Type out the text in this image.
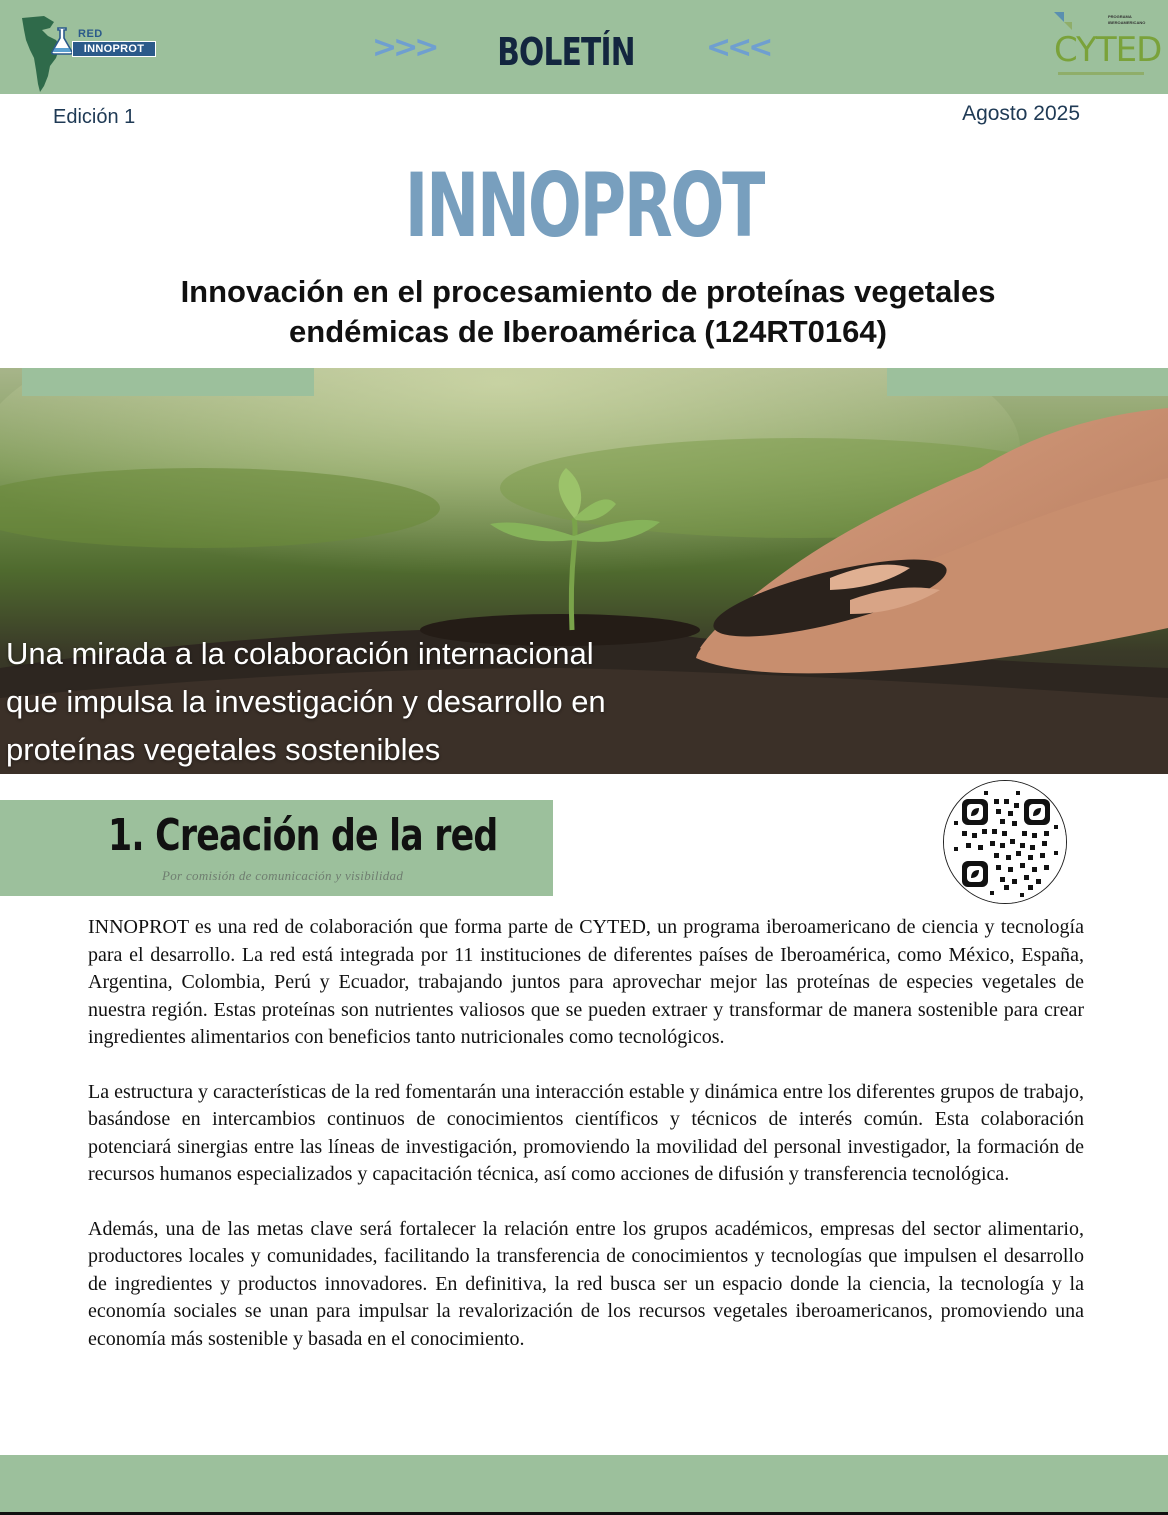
RED
INNOPROT	>>>	BOLETÍN	<<<
PROGRAMA IBEROAMERICANO
CYTED
Edición 1	Agosto 2025
INNOPROT
Innovación en el procesamiento de proteínas vegetales
endémicas de Iberoamérica (124RT0164)
Una mirada a la colaboración internacional
que impulsa la investigación y desarrollo en
proteínas vegetales sostenibles
1. Creación de la red
Por comisión de comunicación y visibilidad

INNOPROT es una red de colaboración que forma parte de CYTED, un programa iberoamericano de ciencia y tecnología para el desarrollo. La red está integrada por 11 instituciones de diferentes países de Iberoamérica, como México, España, Argentina, Colombia, Perú y Ecuador, trabajando juntos para aprovechar mejor las proteínas de especies vegetales de nuestra región. Estas proteínas son nutrientes valiosos que se pueden extraer y transformar de manera sostenible para crear ingredientes alimentarios con beneficios tanto nutricionales como tecnológicos.

La estructura y características de la red fomentarán una interacción estable y dinámica entre los diferentes grupos de trabajo, basándose en intercambios continuos de conocimientos científicos y técnicos de interés común. Esta colaboración potenciará sinergias entre las líneas de investigación, promoviendo la movilidad del personal investigador, la formación de recursos humanos especializados y capacitación técnica, así como acciones de difusión y transferencia tecnológica.

Además, una de las metas clave será fortalecer la relación entre los grupos académicos, empresas del sector alimentario, productores locales y comunidades, facilitando la transferencia de conocimientos y tecnologías que impulsen el desarrollo de ingredientes y productos innovadores. En definitiva, la red busca ser un espacio donde la ciencia, la tecnología y la economía sociales se unan para impulsar la revalorización de los recursos vegetales iberoamericanos, promoviendo una economía más sostenible y basada en el conocimiento.
